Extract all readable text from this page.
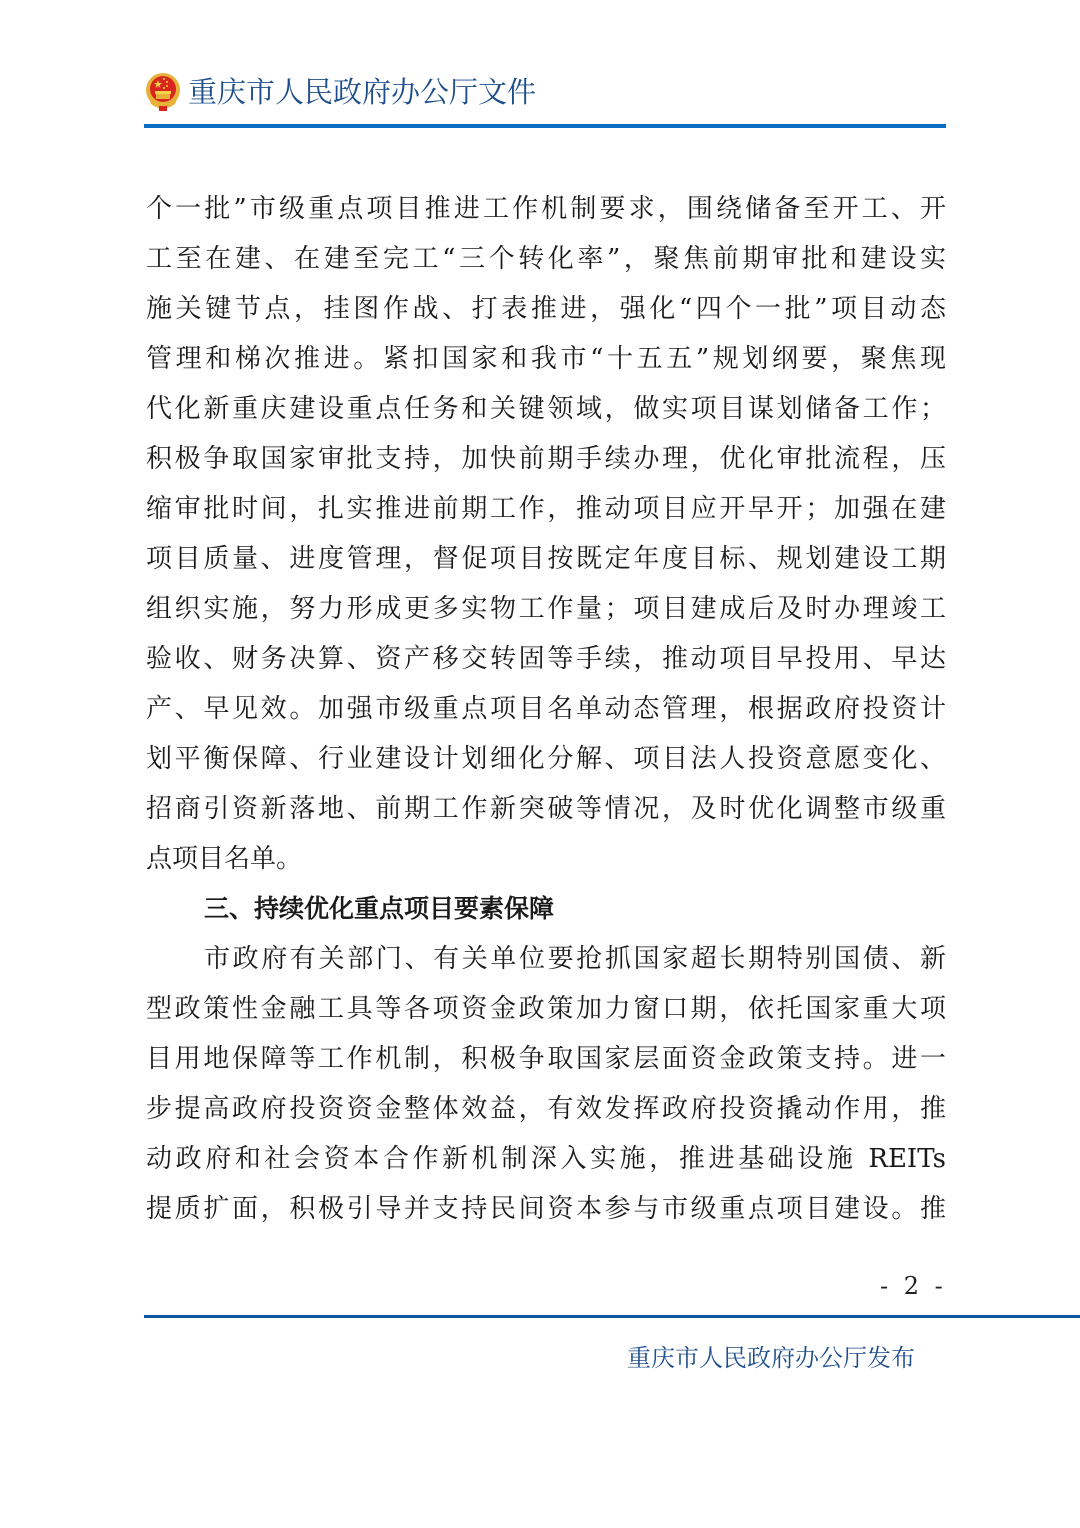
重庆市人民政府办公厅文件
个一批”市级重点项目推进工作机制要求，围绕储备至开工、开
工至在建、在建至完工“三个转化率”，聚焦前期审批和建设实
施关键节点，挂图作战、打表推进，强化“四个一批”项目动态
管理和梯次推进。紧扣国家和我市“十五五”规划纲要，聚焦现
代化新重庆建设重点任务和关键领域，做实项目谋划储备工作；
积极争取国家审批支持，加快前期手续办理，优化审批流程，压
缩审批时间，扎实推进前期工作，推动项目应开早开；加强在建
项目质量、进度管理，督促项目按既定年度目标、规划建设工期
组织实施，努力形成更多实物工作量；项目建成后及时办理竣工
验收、财务决算、资产移交转固等手续，推动项目早投用、早达
产、早见效。加强市级重点项目名单动态管理，根据政府投资计
划平衡保障、行业建设计划细化分解、项目法人投资意愿变化、
招商引资新落地、前期工作新突破等情况，及时优化调整市级重
点项目名单。
三、持续优化重点项目要素保障
市政府有关部门、有关单位要抢抓国家超长期特别国债、新
型政策性金融工具等各项资金政策加力窗口期，依托国家重大项
目用地保障等工作机制，积极争取国家层面资金政策支持。进一
步提高政府投资资金整体效益，有效发挥政府投资撬动作用，推
动政府和社会资本合作新机制深入实施，推进基础设施 REITs
提质扩面，积极引导并支持民间资本参与市级重点项目建设。推
- 2 -
重庆市人民政府办公厅发布
